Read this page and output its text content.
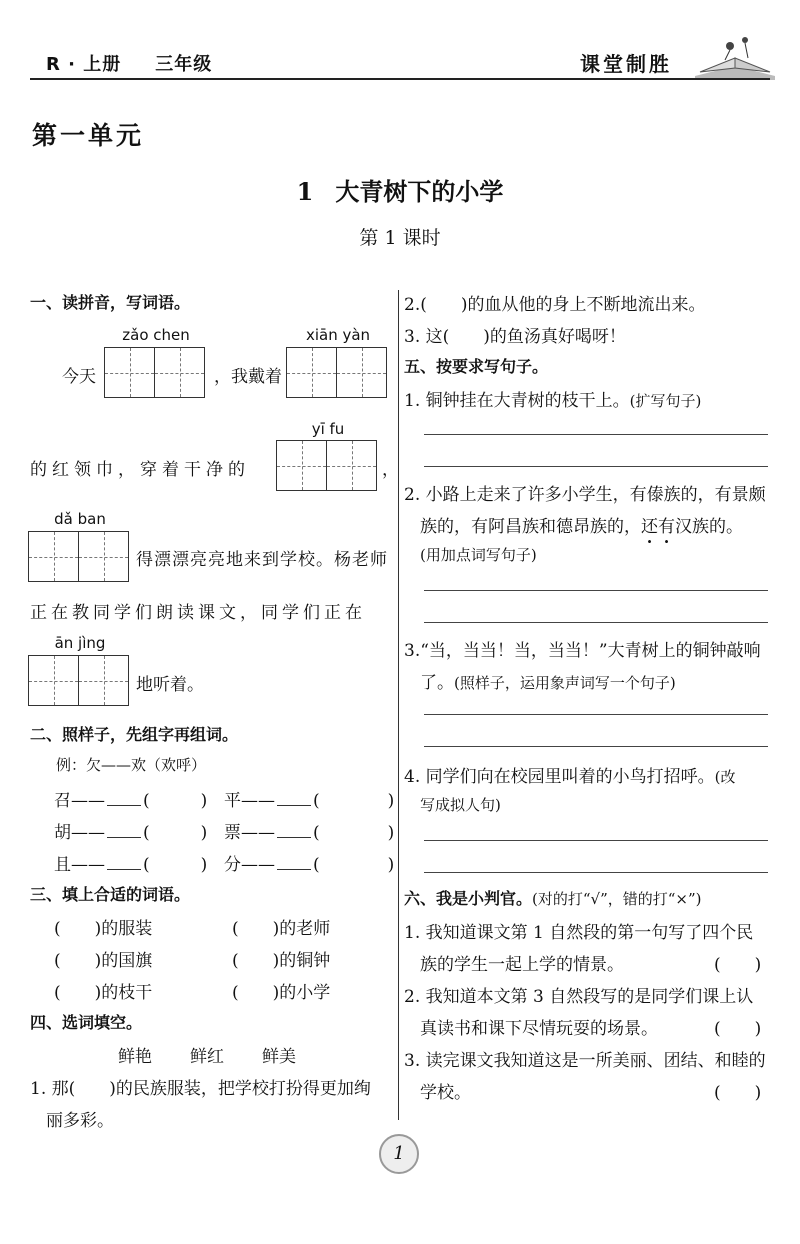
R · 上册 三年级	课堂制胜
第一单元
1 大青树下的小学
第 1 课时
一、读拼音，写词语。
zǎo chen	xiān yàn
今天	，我戴着
yī fu
的红领巾，穿着干净的	，
dǎ ban
得漂漂亮亮地来到学校。杨老师
正在教同学们朗读课文，同学们正在
ān jìng
地听着。
二、照样子，先组字再组词。
例：欠——欢（欢呼）
召—— (　　　) 平—— (　　　　)
胡—— (　　　) 票—— (　　　　)
且—— (　　　) 分—— (　　　　)
三、填上合适的词语。
(　　)的服装	(　　)的老师
(　　)的国旗	(　　)的铜钟
(　　)的枝干	(　　)的小学
四、选词填空。
鲜艳 鲜红 鲜美
1. 那(　　)的民族服装，把学校打扮得更加绚
丽多彩。
2.(　　)的血从他的身上不断地流出来。
3. 这(　　)的鱼汤真好喝呀！
五、按要求写句子。
1. 铜钟挂在大青树的枝干上。(扩写句子)
2. 小路上走来了许多小学生，有傣族的，有景颇
族的，有阿昌族和德昂族的，还有汉族的。
(用加点词写句子)
3.“当，当当！当，当当！”大青树上的铜钟敲响
了。(照样子，运用象声词写一个句子)
4. 同学们向在校园里叫着的小鸟打招呼。(改
写成拟人句)
六、我是小判官。(对的打“√”，错的打“×”)
1. 我知道课文第 1 自然段的第一句写了四个民
族的学生一起上学的情景。	(　　)
2. 我知道本文第 3 自然段写的是同学们课上认
真读书和课下尽情玩耍的场景。	(　　)
3. 读完课文我知道这是一所美丽、团结、和睦的
学校。	(　　)
1
